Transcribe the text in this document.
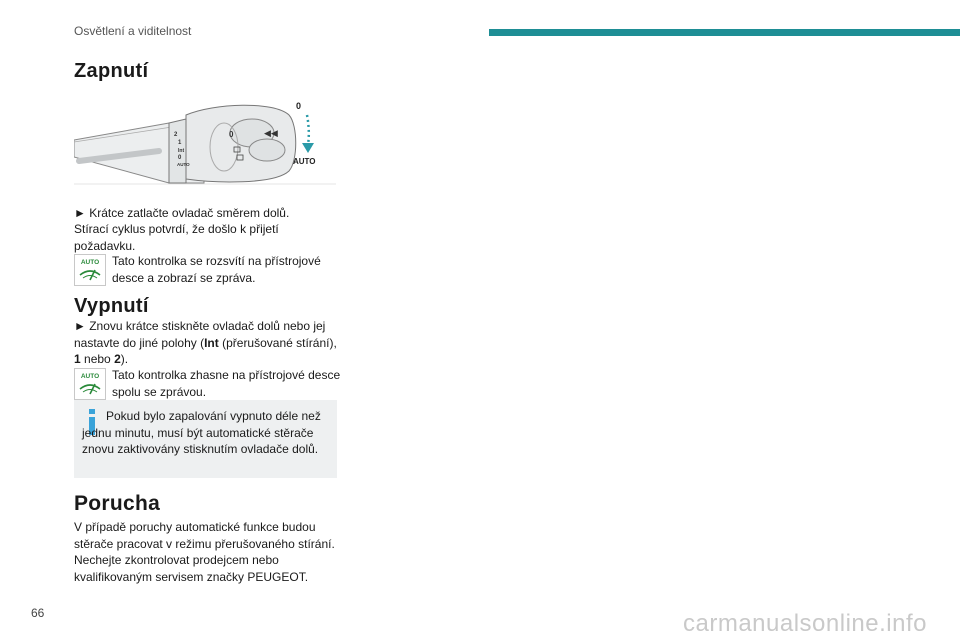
Osvětlení a viditelnost
Zapnutí
2
1
Int
0
AUTO
0	◀◀
0
AUTO
► Krátce zatlačte ovladač směrem dolů.
Stírací cyklus potvrdí, že došlo k přijetí požadavku.
AUTO Tato kontrolka se rozsvítí na přístrojové desce a zobrazí se zpráva.
Vypnutí
► Znovu krátce stiskněte ovladač dolů nebo jej nastavte do jiné polohy (Int (přerušované stírání), 1 nebo 2).
AUTO Tato kontrolka zhasne na přístrojové desce spolu se zprávou.
Pokud bylo zapalování vypnuto déle než jednu minutu, musí být automatické stěrače znovu zaktivovány stisknutím ovladače dolů.
Porucha
V případě poruchy automatické funkce budou stěrače pracovat v režimu přerušovaného stírání. Nechejte zkontrolovat prodejcem nebo kvalifikovaným servisem značky PEUGEOT.
66	carmanualsonline.info
